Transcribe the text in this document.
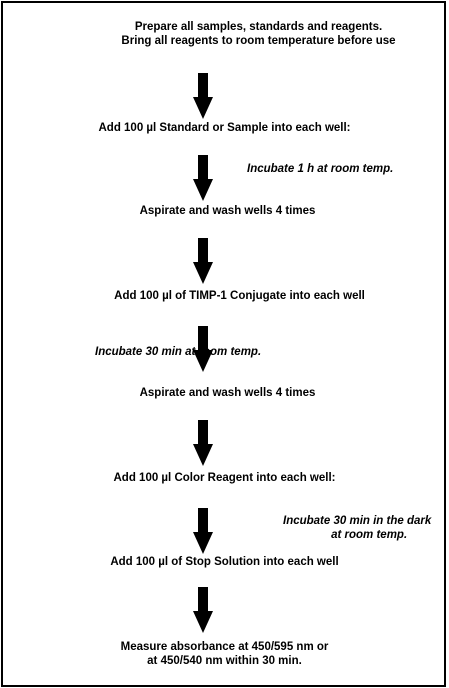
Prepare all samples, standards and reagents.
Bring all reagents to room temperature before use
Add 100 µl Standard or Sample into each well:
Incubate 1 h at room temp.
Aspirate and wash wells 4 times
Add 100 µl of TIMP-1 Conjugate into each well
Incubate 30 min at room temp.
Aspirate and wash wells 4 times
Add 100 µl Color Reagent into each well:
Incubate 30 min in the dark
at room temp.
Add 100 µl of Stop Solution into each well
Measure absorbance at 450/595 nm or
at 450/540 nm within 30 min.
